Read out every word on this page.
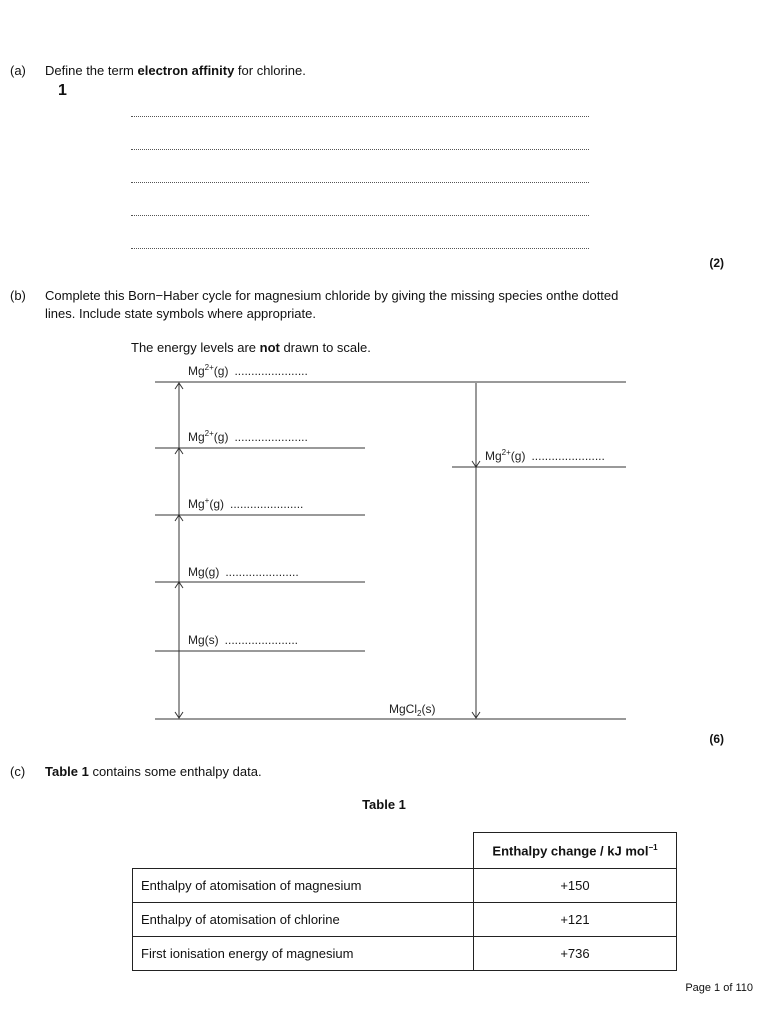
(a) Define the term electron affinity for chlorine.
1
(2)
(b) Complete this Born−Haber cycle for magnesium chloride by giving the missing species onthe dotted
lines. Include state symbols where appropriate.
The energy levels are not drawn to scale.
$Mg^{2+}(g)$ ......................
$Mg^{2+}(g)$ ......................
Mg+(g) ......................
Mg(g) ......................
Mg(s) ......................
$Mg^{2+}(g)$ ......................
MgCl$_2$(s)
(6)
(c) Table 1 contains some enthalpy data.
Table 1
	Enthalpy change / kJ mol$^{-1}$
Enthalpy of atomisation of magnesium	+150
Enthalpy of atomisation of chlorine	+121
First ionisation energy of magnesium	+736
Page 1 of 110
